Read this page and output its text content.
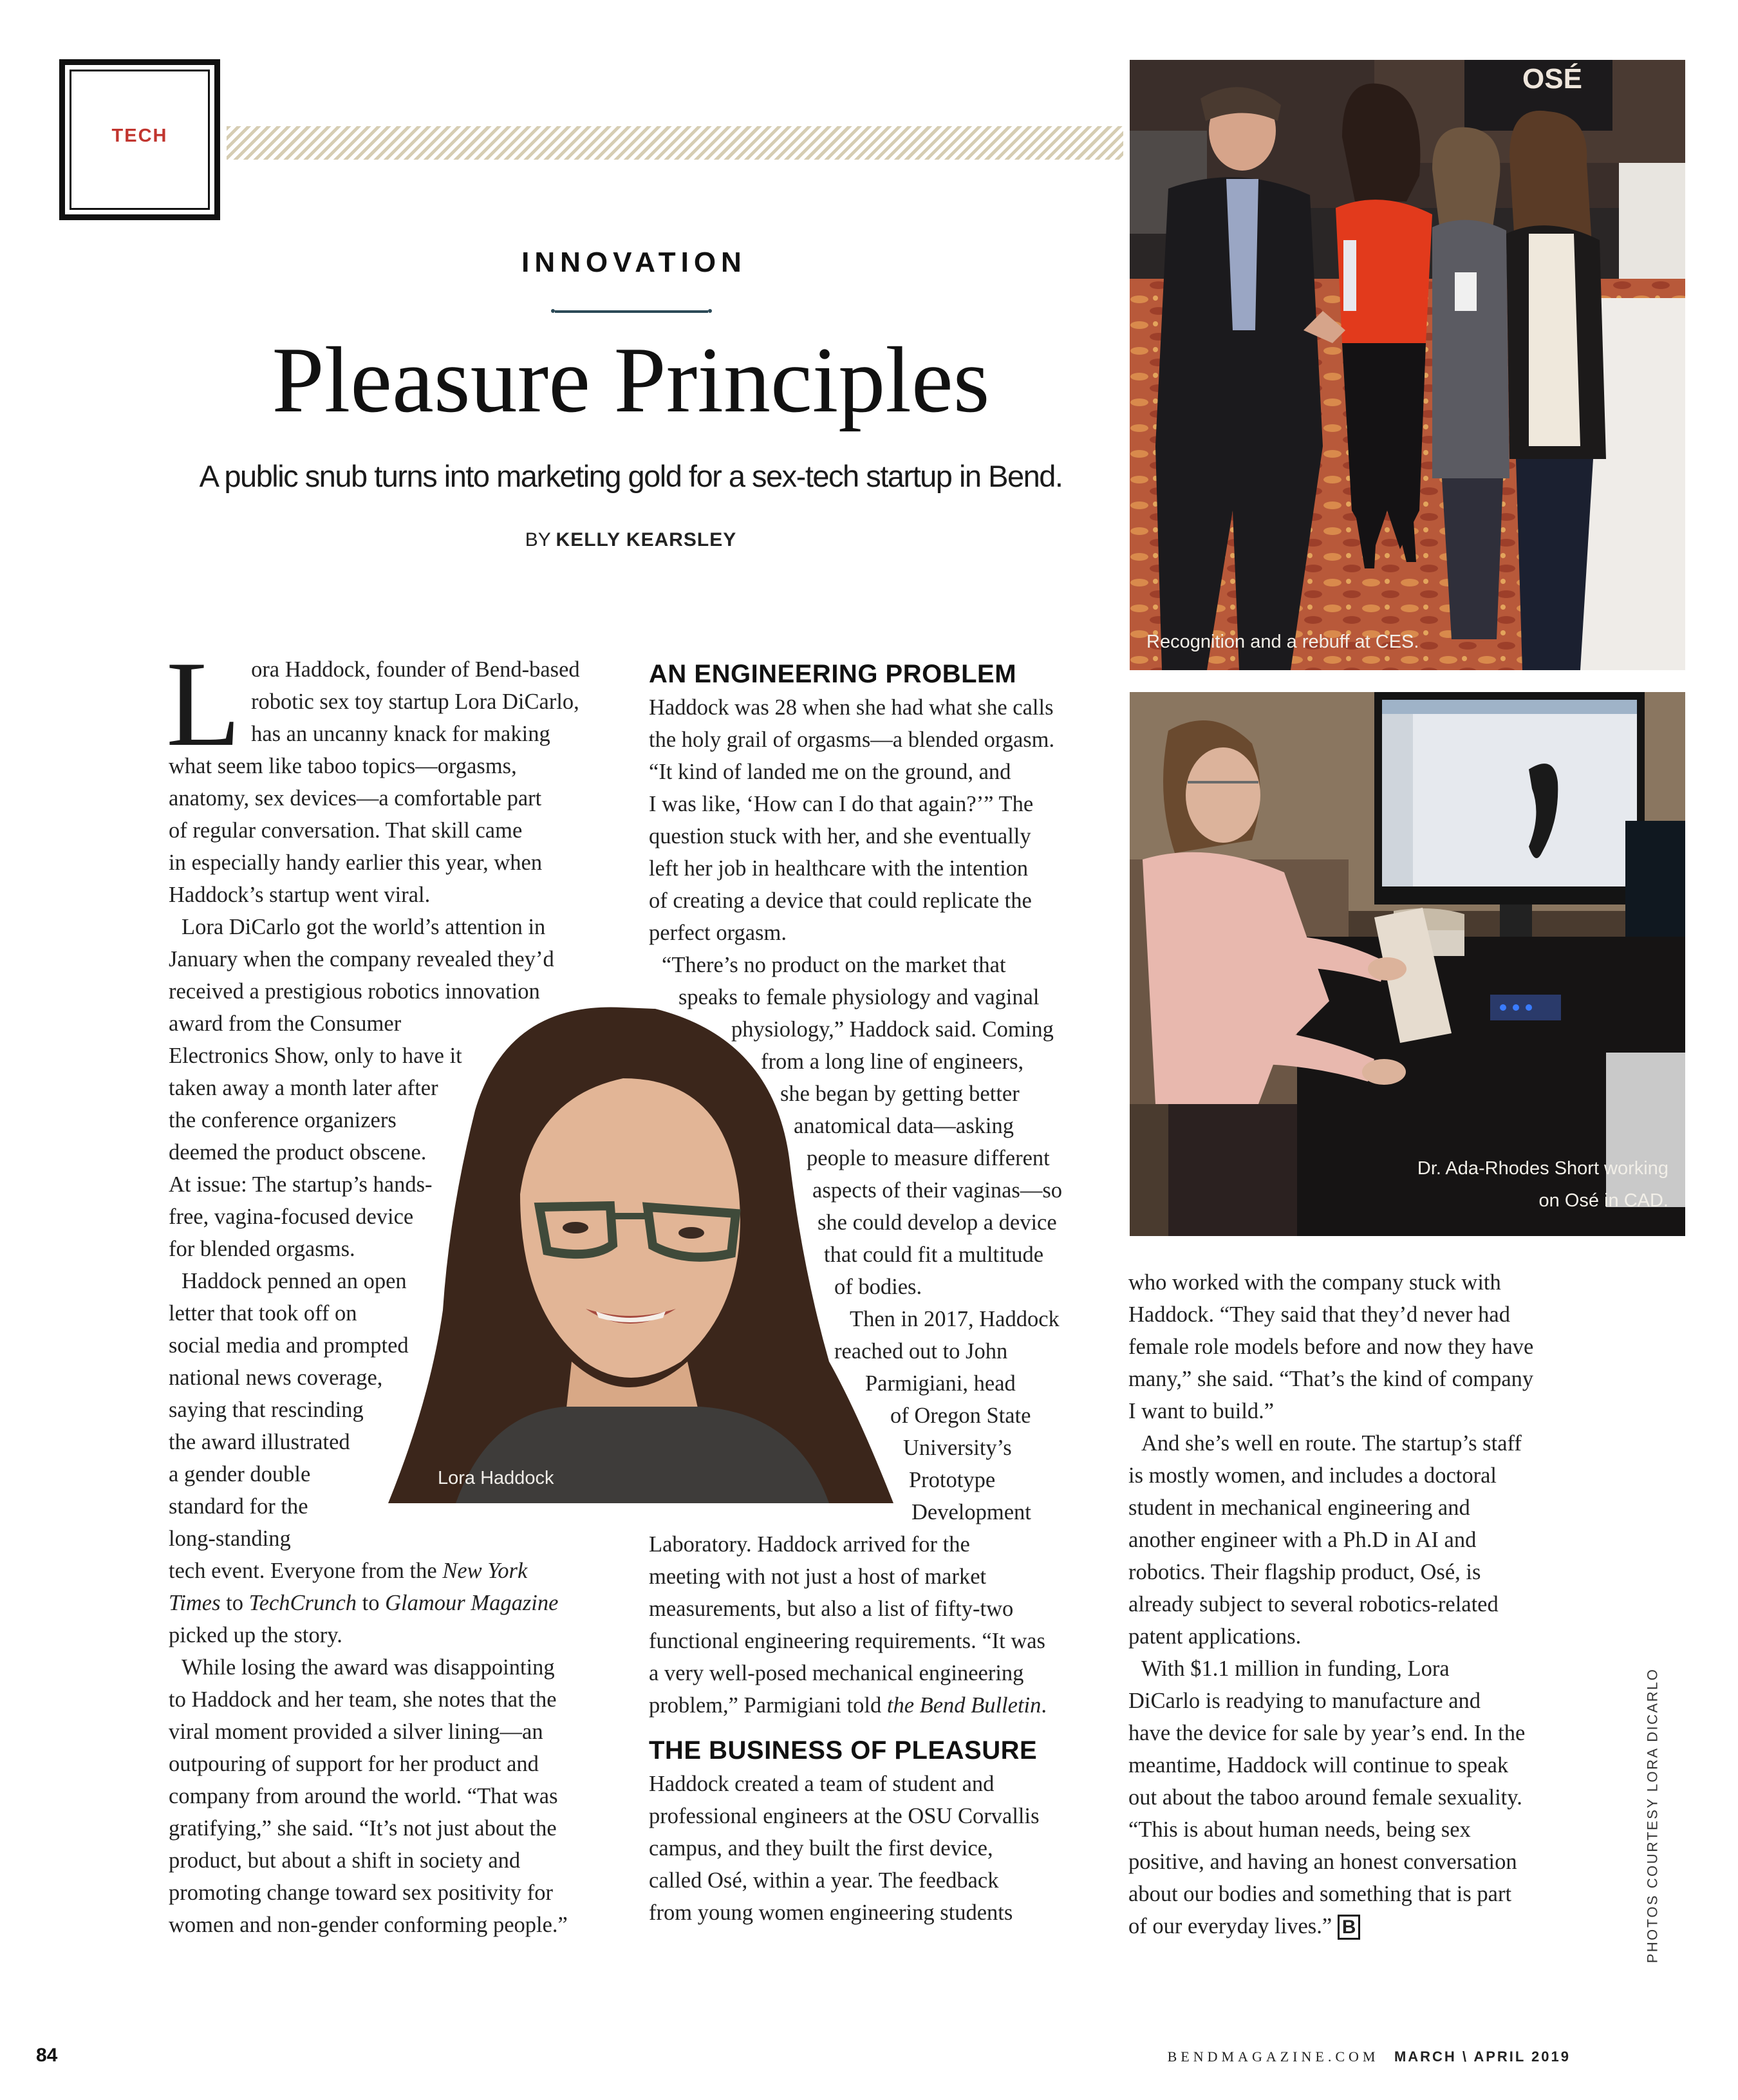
TECH
INNOVATION
Pleasure Principles
A public snub turns into marketing gold for a sex-tech startup in Bend.
BY KELLY KEARSLEY
OSÉ
Recognition and a rebuff at CES.
Dr. Ada-Rhodes Short working
on Osé in CAD.
Lora Haddock

L ora Haddock, founder of Bend-based
robotic sex toy startup Lora DiCarlo,
has an uncanny knack for making
what seem like taboo topics—orgasms,
anatomy, sex devices—a comfortable part
of regular conversation. That skill came
in especially handy earlier this year, when
Haddock’s startup went viral.

Lora DiCarlo got the world’s attention in
January when the company revealed they’d
received a prestigious robotics innovation
award from the Consumer
Electronics Show, only to have it
taken away a month later after
the conference organizers
deemed the product obscene.
At issue: The startup’s hands-
free, vagina-focused device
for blended orgasms.

Haddock penned an open
letter that took off on
social media and prompted
national news coverage,
saying that rescinding
the award illustrated
a gender double
standard for the
long-standing
tech event. Everyone from the New York
Times to TechCrunch to Glamour Magazine
picked up the story.

While losing the award was disappointing
to Haddock and her team, she notes that the
viral moment provided a silver lining—an
outpouring of support for her product and
company from around the world. “That was
gratifying,” she said. “It’s not just about the
product, but about a shift in society and
promoting change toward sex positivity for
women and non-gender conforming people.”

AN ENGINEERING PROBLEM

Haddock was 28 when she had what she calls
the holy grail of orgasms—a blended orgasm.
“It kind of landed me on the ground, and
I was like, ‘How can I do that again?’” The
question stuck with her, and she eventually
left her job in healthcare with the intention
of creating a device that could replicate the
perfect orgasm.

“There’s no product on the market that
speaks to female physiology and vaginal
physiology,” Haddock said. Coming
from a long line of engineers,
she began by getting better
anatomical data—asking
people to measure different
aspects of their vaginas—so
she could develop a device
that could fit a multitude
of bodies.

Then in 2017, Haddock
reached out to John
Parmigiani, head
of Oregon State
University’s
Prototype
Development
Laboratory. Haddock arrived for the
meeting with not just a host of market
measurements, but also a list of fifty-two
functional engineering requirements. “It was
a very well-posed mechanical engineering
problem,” Parmigiani told the Bend Bulletin.

THE BUSINESS OF PLEASURE

Haddock created a team of student and
professional engineers at the OSU Corvallis
campus, and they built the first device,
called Osé, within a year. The feedback
from young women engineering students

who worked with the company stuck with
Haddock. “They said that they’d never had
female role models before and now they have
many,” she said. “That’s the kind of company
I want to build.”

And she’s well en route. The startup’s staff
is mostly women, and includes a doctoral
student in mechanical engineering and
another engineer with a Ph.D in AI and
robotics. Their flagship product, Osé, is
already subject to several robotics-related
patent applications.

With $1.1 million in funding, Lora
DiCarlo is readying to manufacture and
have the device for sale by year’s end. In the
meantime, Haddock will continue to speak
out about the taboo around female sexuality.
“This is about human needs, being sex
positive, and having an honest conversation
about our bodies and something that is part
of our everyday lives.” B	PHOTOS COURTESY LORA DICARLO
84	BENDMAGAZINE.COM MARCH \ APRIL 2019
